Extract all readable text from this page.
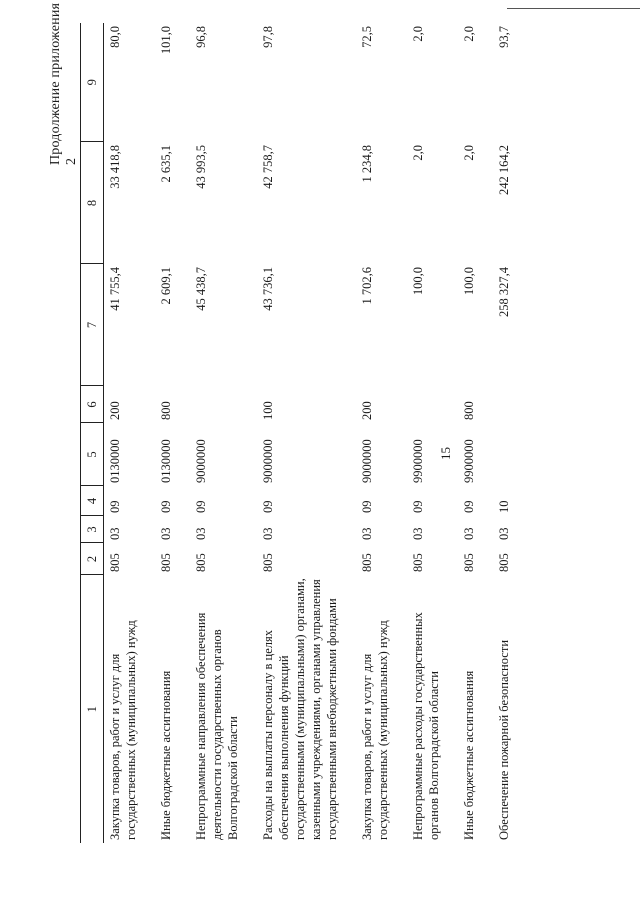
15
Продолжение приложения 2
1	2	3	4	5	6	7	8	9
Закупка товаров, работ и услуг для государственных (муниципальных) нужд	805	03	09	0130000	200	41 755,4	33 418,8	80,0
Иные бюджетные ассигнования	805	03	09	0130000	800	2 609,1	2 635,1	101,0
Непрограммные направления обеспечения деятельности государственных органов Волгоградской области	805	03	09	9000000		45 438,7	43 993,5	96,8
Расходы на выплаты персоналу в целях обеспечения выполнения функций государственными (муниципальными) органами, казенными учреждениями, органами управления государственными внебюджетными фондами	805	03	09	9000000	100	43 736,1	42 758,7	97,8
Закупка товаров, работ и услуг для государственных (муниципальных) нужд	805	03	09	9000000	200	1 702,6	1 234,8	72,5
Непрограммные расходы государственных органов Волгоградской области	805	03	09	9900000		100,0	2,0	2,0
Иные бюджетные ассигнования	805	03	09	9900000	800	100,0	2,0	2,0
Обеспечение пожарной безопасности	805	03	10			258 327,4	242 164,2	93,7
